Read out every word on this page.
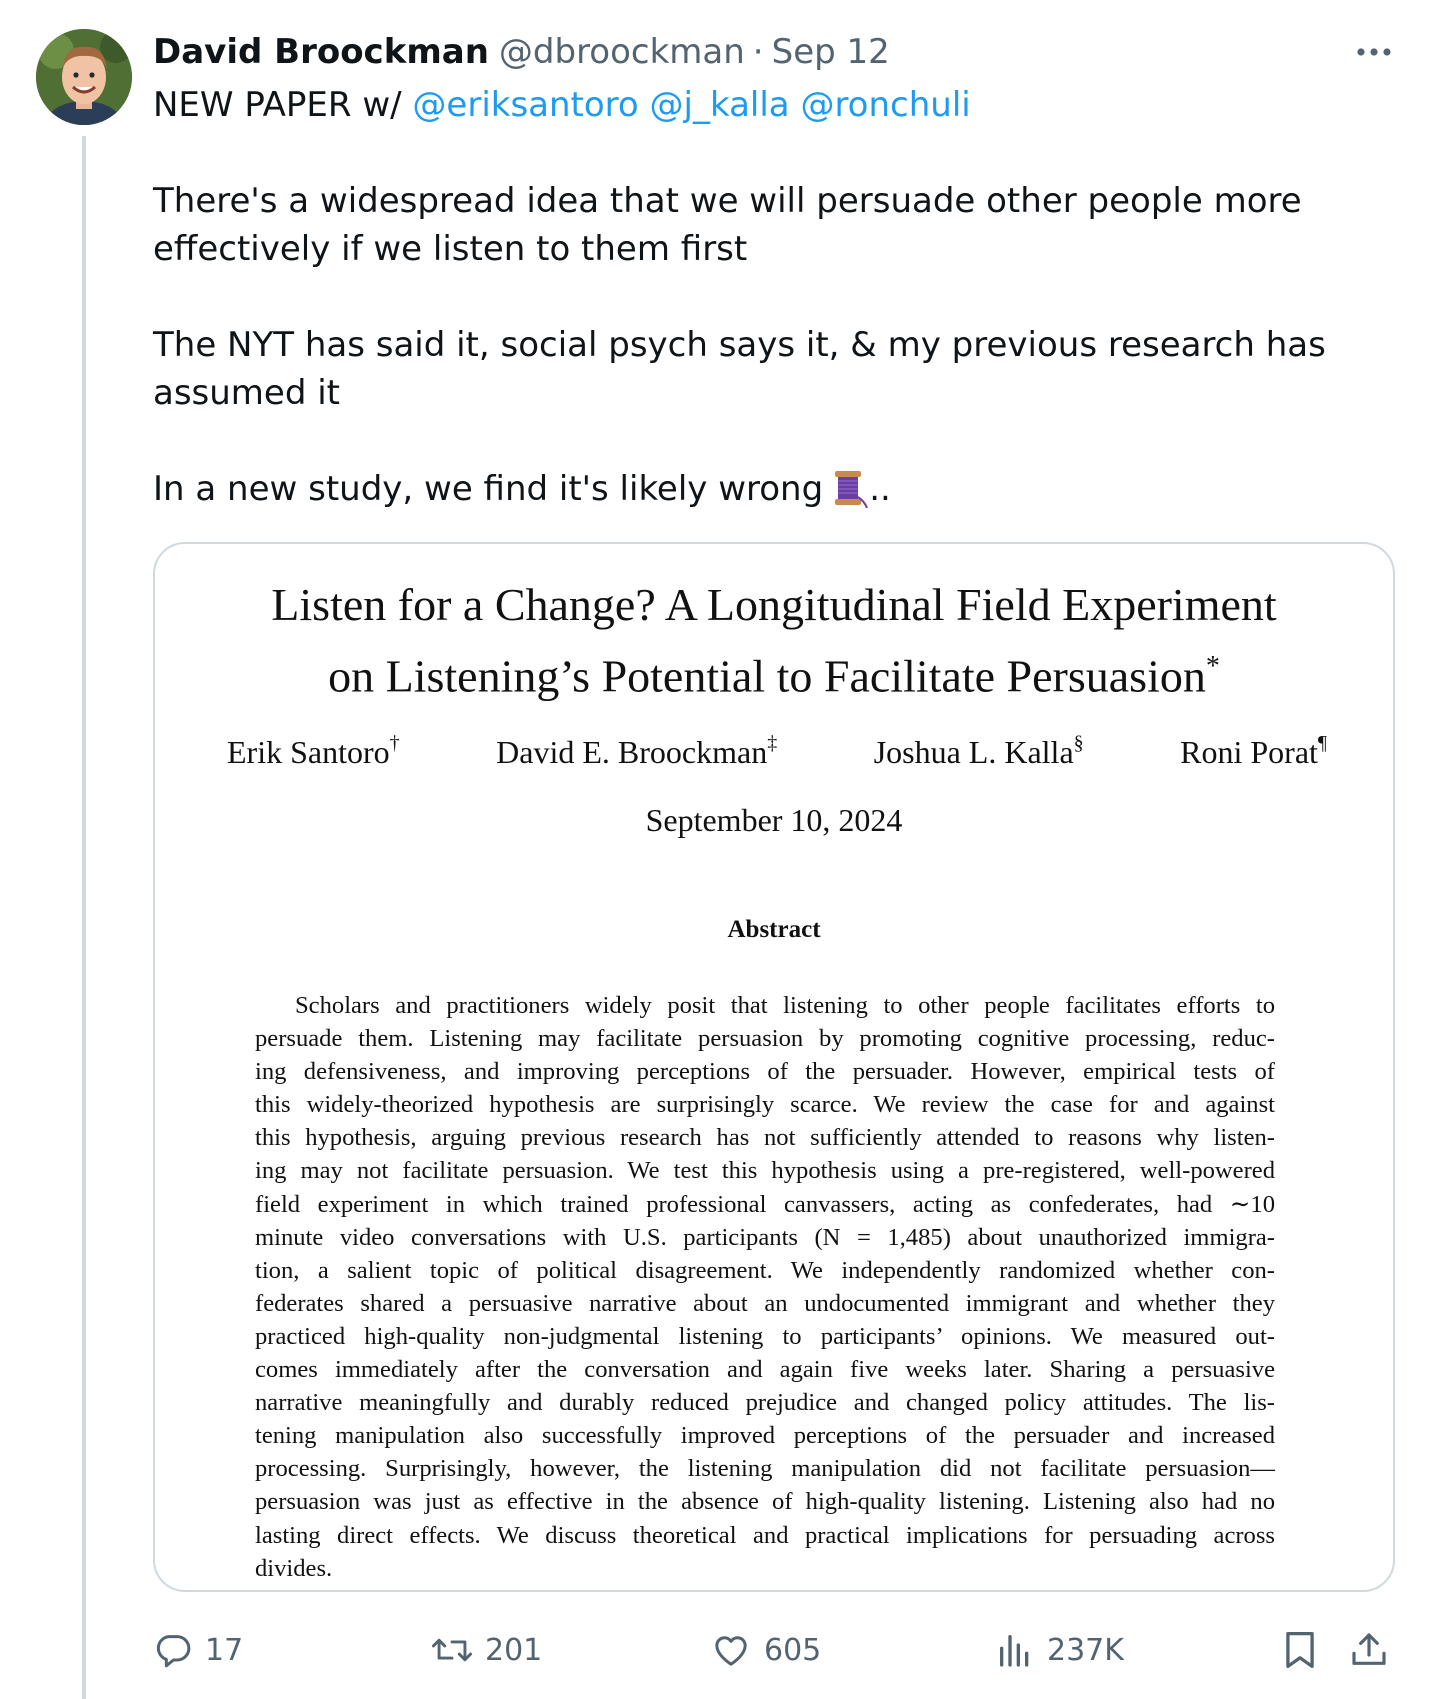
David Broockman @dbroockman · Sep 12

NEW PAPER w/ @eriksantoro @j_kalla @ronchuli

There's a widespread idea that we will persuade other people more

effectively if we listen to them first

The NYT has said it, social psych says it, & my previous research has

assumed it

In a new study, we find it's likely wrong ..

Listen for a Change? A Longitudinal Field Experiment
on Listening’s Potential to Facilitate Persuasion*
Erik Santoro†	David E. Broockman‡	Joshua L. Kalla§	Roni Porat¶
September 10, 2024
Abstract
Scholars and practitioners widely posit that listening to other people facilitates efforts to
persuade them. Listening may facilitate persuasion by promoting cognitive processing, reduc-
ing defensiveness, and improving perceptions of the persuader. However, empirical tests of
this widely-theorized hypothesis are surprisingly scarce. We review the case for and against
this hypothesis, arguing previous research has not sufficiently attended to reasons why listen-
ing may not facilitate persuasion. We test this hypothesis using a pre-registered, well-powered
field experiment in which trained professional canvassers, acting as confederates, had ∼10
minute video conversations with U.S. participants (N = 1,485) about unauthorized immigra-
tion, a salient topic of political disagreement. We independently randomized whether con-
federates shared a persuasive narrative about an undocumented immigrant and whether they
practiced high-quality non-judgmental listening to participants’ opinions. We measured out-
comes immediately after the conversation and again five weeks later. Sharing a persuasive
narrative meaningfully and durably reduced prejudice and changed policy attitudes. The lis-
tening manipulation also successfully improved perceptions of the persuader and increased
processing. Surprisingly, however, the listening manipulation did not facilitate persuasion—
persuasion was just as effective in the absence of high-quality listening. Listening also had no
lasting direct effects. We discuss theoretical and practical implications for persuading across
divides.
17	201	605	237K
